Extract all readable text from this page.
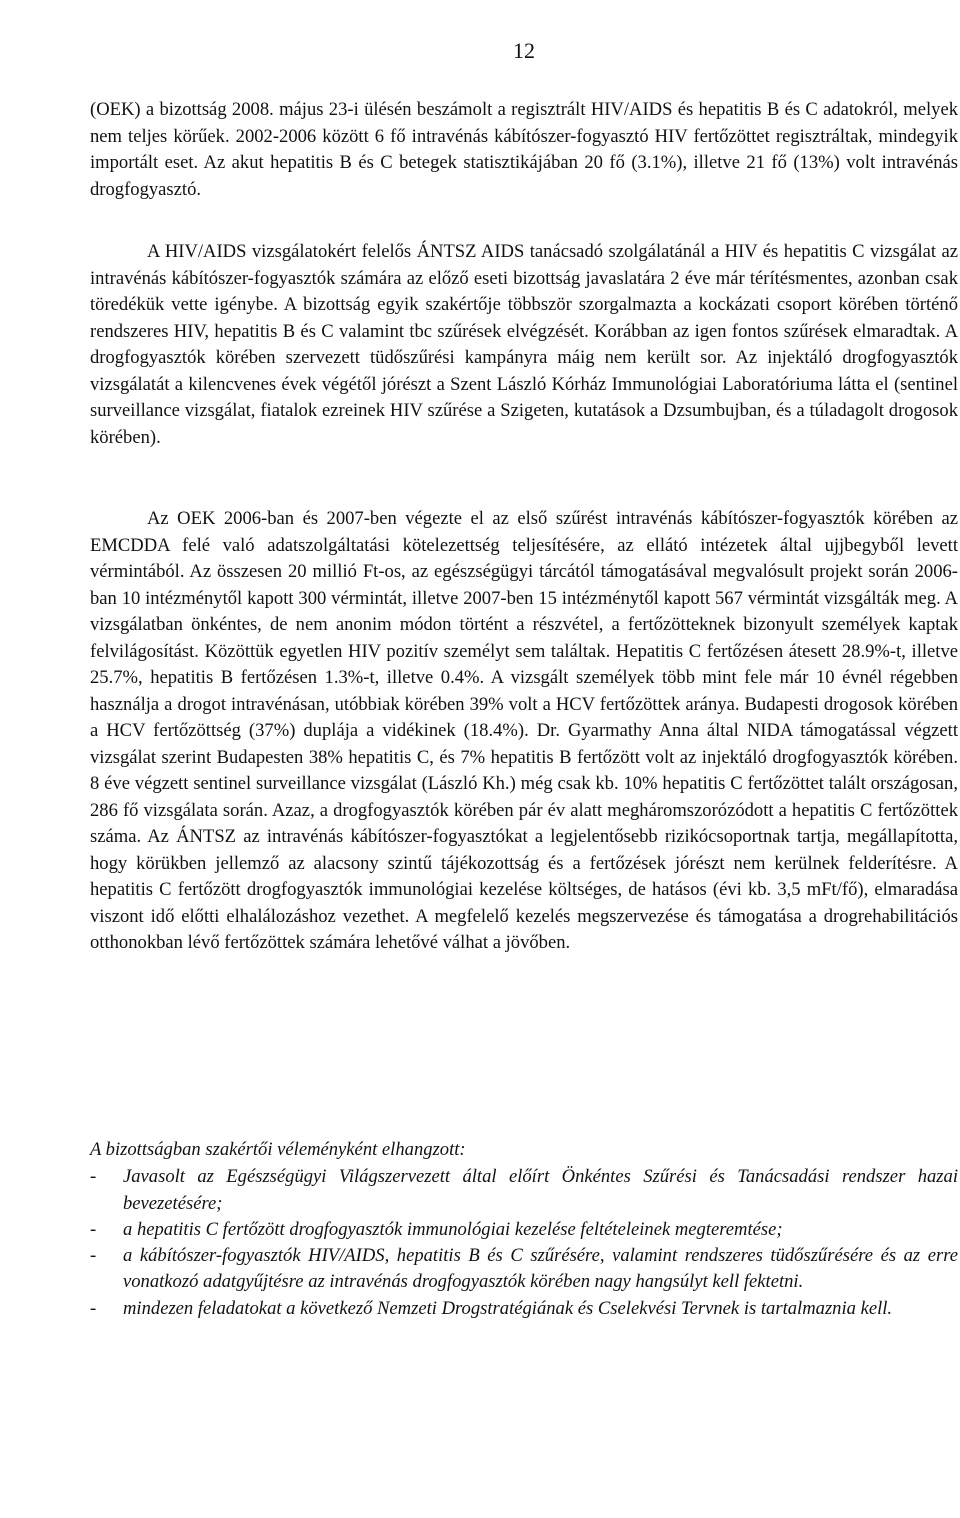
12
(OEK) a bizottság 2008. május 23-i ülésén beszámolt a regisztrált HIV/AIDS és hepatitis B és C adatokról, melyek nem teljes körűek. 2002-2006 között 6 fő intravénás kábítószer-fogyasztó HIV fertőzöttet regisztráltak, mindegyik importált eset. Az akut hepatitis B és C betegek statisztikájában 20 fő (3.1%), illetve 21 fő (13%) volt intravénás drogfogyasztó.
A HIV/AIDS vizsgálatokért felelős ÁNTSZ AIDS tanácsadó szolgálatánál a HIV és hepatitis C vizsgálat az intravénás kábítószer-fogyasztók számára az előző eseti bizottság javaslatára 2 éve már térítésmentes, azonban csak töredékük vette igénybe. A bizottság egyik szakértője többször szorgalmazta a kockázati csoport körében történő rendszeres HIV, hepatitis B és C valamint tbc szűrések elvégzését. Korábban az igen fontos szűrések elmaradtak. A drogfogyasztók körében szervezett tüdőszűrési kampányra máig nem került sor. Az injektáló drogfogyasztók vizsgálatát a kilencvenes évek végétől jórészt a Szent László Kórház Immunológiai Laboratóriuma látta el (sentinel surveillance vizsgálat, fiatalok ezreinek HIV szűrése a Szigeten, kutatások a Dzsumbujban, és a túladagolt drogosok körében).
Az OEK 2006-ban és 2007-ben végezte el az első szűrést intravénás kábítószer-fogyasztók körében az EMCDDA felé való adatszolgáltatási kötelezettség teljesítésére, az ellátó intézetek által ujjbegyből levett vérmintából. Az összesen 20 millió Ft-os, az egészségügyi tárcától támogatásával megvalósult projekt során 2006-ban 10 intézménytől kapott 300 vérmintát, illetve 2007-ben 15 intézménytől kapott 567 vérmintát vizsgálták meg. A vizsgálatban önkéntes, de nem anonim módon történt a részvétel, a fertőzötteknek bizonyult személyek kaptak felvilágosítást. Közöttük egyetlen HIV pozitív személyt sem találtak. Hepatitis C fertőzésen átesett 28.9%-t, illetve 25.7%, hepatitis B fertőzésen 1.3%-t, illetve 0.4%. A vizsgált személyek több mint fele már 10 évnél régebben használja a drogot intravénásan, utóbbiak körében 39% volt a HCV fertőzöttek aránya. Budapesti drogosok körében a HCV fertőzöttség (37%) duplája a vidékinek (18.4%). Dr. Gyarmathy Anna által NIDA támogatással végzett vizsgálat szerint Budapesten 38% hepatitis C, és 7% hepatitis B fertőzött volt az injektáló drogfogyasztók körében. 8 éve végzett sentinel surveillance vizsgálat (László Kh.) még csak kb. 10% hepatitis C fertőzöttet talált országosan, 286 fő vizsgálata során. Azaz, a drogfogyasztók körében pár év alatt megháromszorózódott a hepatitis C fertőzöttek száma. Az ÁNTSZ az intravénás kábítószer-fogyasztókat a legjelentősebb rizikócsoportnak tartja, megállapította, hogy körükben jellemző az alacsony szintű tájékozottság és a fertőzések jórészt nem kerülnek felderítésre. A hepatitis C fertőzött drogfogyasztók immunológiai kezelése költséges, de hatásos (évi kb. 3,5 mFt/fő), elmaradása viszont idő előtti elhalálozáshoz vezethet. A megfelelő kezelés megszervezése és támogatása a drogrehabilitációs otthonokban lévő fertőzöttek számára lehetővé válhat a jövőben.
A bizottságban szakértői véleményként elhangzott:
- Javasolt az Egészségügyi Világszervezett által előírt Önkéntes Szűrési és Tanácsadási rendszer hazai bevezetésére;
- a hepatitis C fertőzött drogfogyasztók immunológiai kezelése feltételeinek megteremtése;
- a kábítószer-fogyasztók HIV/AIDS, hepatitis B és C szűrésére, valamint rendszeres tüdőszűrésére és az erre vonatkozó adatgyűjtésre az intravénás drogfogyasztók körében nagy hangsúlyt kell fektetni.
- mindezen feladatokat a következő Nemzeti Drogstratégiának és Cselekvési Tervnek is tartalmaznia kell.
